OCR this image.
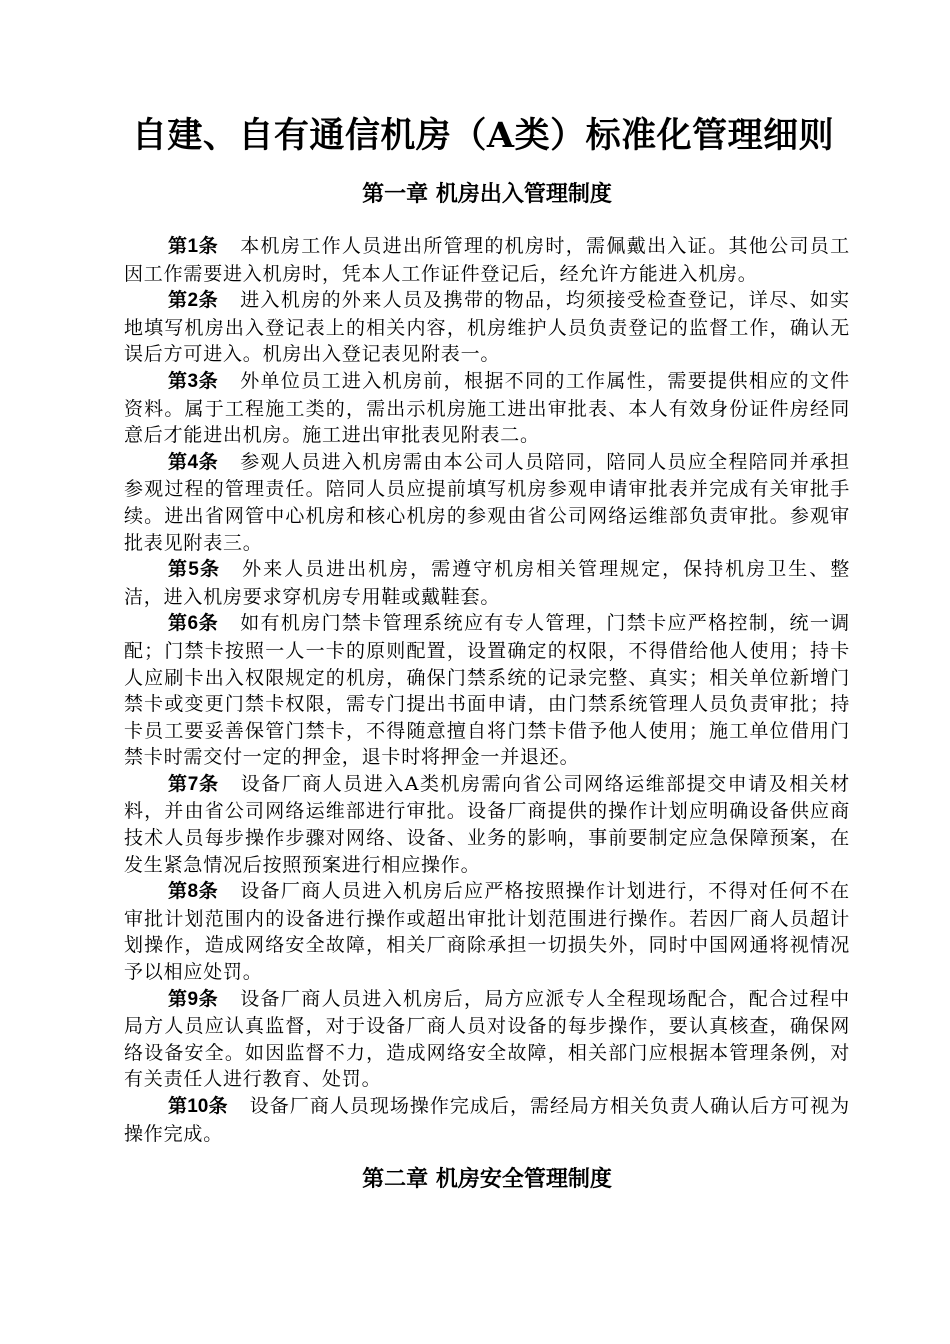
自建、自有通信机房（A类）标准化管理细则
第一章 机房出入管理制度

第1条 本机房工作人员进出所管理的机房时，需佩戴出入证。其他公司员工因工作需要进入机房时，凭本人工作证件登记后，经允许方能进入机房。

第2条 进入机房的外来人员及携带的物品，均须接受检查登记，详尽、如实地填写机房出入登记表上的相关内容，机房维护人员负责登记的监督工作，确认无误后方可进入。机房出入登记表见附表一。

第3条 外单位员工进入机房前，根据不同的工作属性，需要提供相应的文件资料。属于工程施工类的，需出示机房施工进出审批表、本人有效身份证件房经同意后才能进出机房。施工进出审批表见附表二。

第4条 参观人员进入机房需由本公司人员陪同，陪同人员应全程陪同并承担参观过程的管理责任。陪同人员应提前填写机房参观申请审批表并完成有关审批手续。进出省网管中心机房和核心机房的参观由省公司网络运维部负责审批。参观审批表见附表三。

第5条 外来人员进出机房，需遵守机房相关管理规定，保持机房卫生、整洁，进入机房要求穿机房专用鞋或戴鞋套。

第6条 如有机房门禁卡管理系统应有专人管理，门禁卡应严格控制，统一调配；门禁卡按照一人一卡的原则配置，设置确定的权限，不得借给他人使用；持卡人应刷卡出入权限规定的机房，确保门禁系统的记录完整、真实；相关单位新增门禁卡或变更门禁卡权限，需专门提出书面申请，由门禁系统管理人员负责审批；持卡员工要妥善保管门禁卡，不得随意擅自将门禁卡借予他人使用；施工单位借用门禁卡时需交付一定的押金，退卡时将押金一并退还。

第7条 设备厂商人员进入A类机房需向省公司网络运维部提交申请及相关材料，并由省公司网络运维部进行审批。设备厂商提供的操作计划应明确设备供应商技术人员每步操作步骤对网络、设备、业务的影响，事前要制定应急保障预案，在发生紧急情况后按照预案进行相应操作。

第8条 设备厂商人员进入机房后应严格按照操作计划进行，不得对任何不在审批计划范围内的设备进行操作或超出审批计划范围进行操作。若因厂商人员超计划操作，造成网络安全故障，相关厂商除承担一切损失外，同时中国网通将视情况予以相应处罚。

第9条 设备厂商人员进入机房后，局方应派专人全程现场配合，配合过程中局方人员应认真监督，对于设备厂商人员对设备的每步操作，要认真核查，确保网络设备安全。如因监督不力，造成网络安全故障，相关部门应根据本管理条例，对有关责任人进行教育、处罚。

第10条 设备厂商人员现场操作完成后，需经局方相关负责人确认后方可视为操作完成。

第二章 机房安全管理制度
